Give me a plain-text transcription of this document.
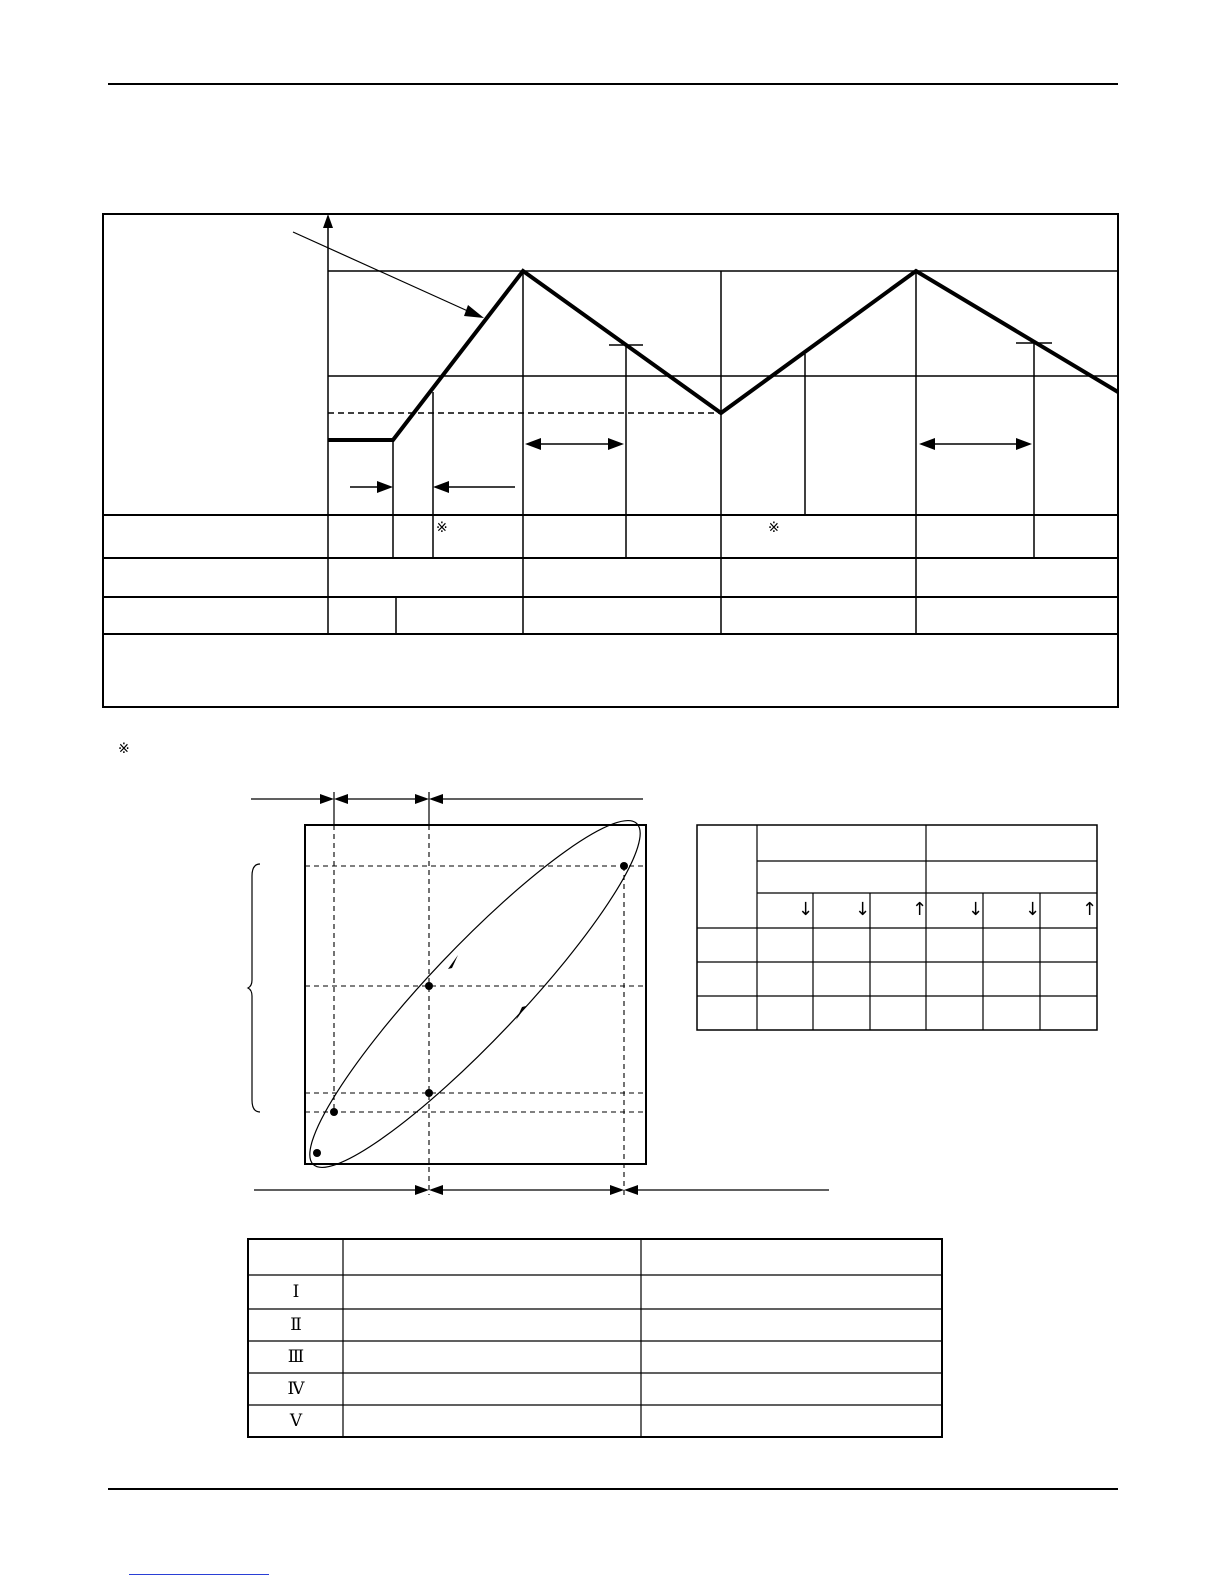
※	※
※
↓ ↓ ↑ ↓ ↓ ↑
Ⅰ
Ⅱ
Ⅲ
Ⅳ
Ⅴ
